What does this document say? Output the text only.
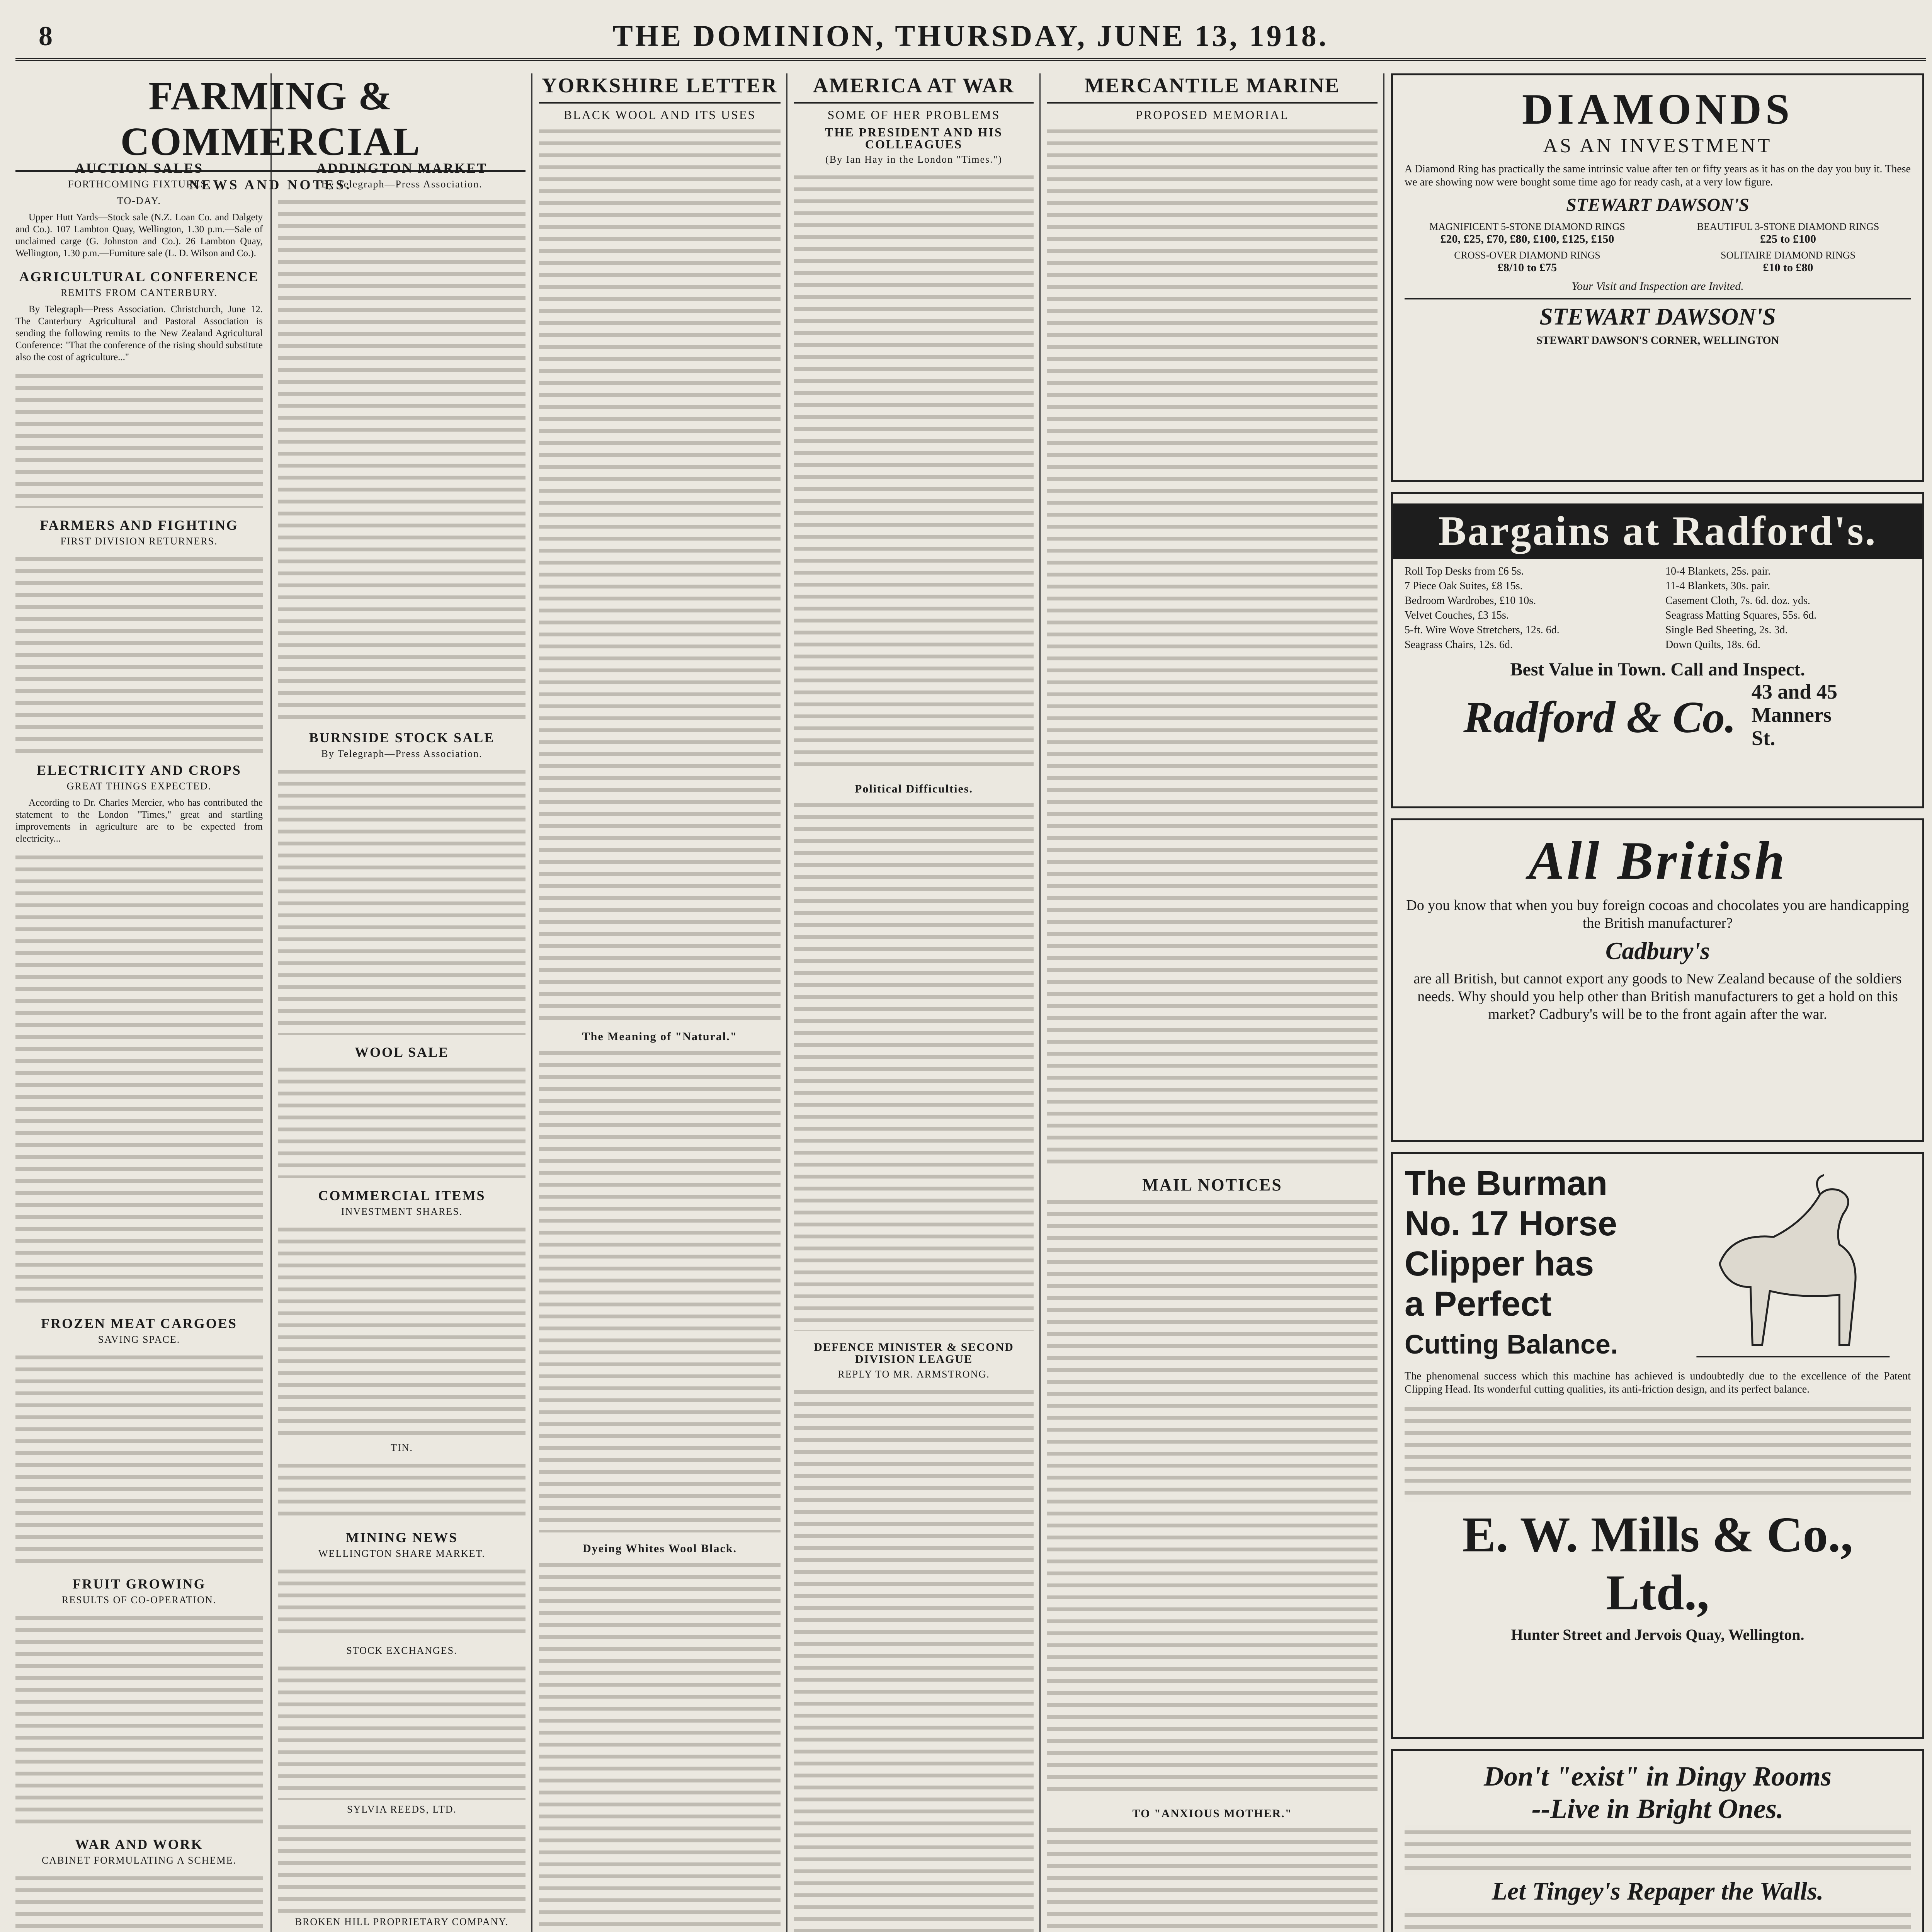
8	THE DOMINION, THURSDAY, JUNE 13, 1918.
FARMING & COMMERCIAL
NEWS AND NOTES.
AUCTION SALES
FORTHCOMING FIXTURES.
TO-DAY.

Upper Hutt Yards—Stock sale (N.Z. Loan Co. and Dalgety and Co.). 107 Lambton Quay, Wellington, 1.30 p.m.—Sale of unclaimed carge (G. Johnston and Co.). 26 Lambton Quay, Wellington, 1.30 p.m.—Furniture sale (L. D. Wilson and Co.).

AGRICULTURAL CONFERENCE
REMITS FROM CANTERBURY.

By Telegraph—Press Association. Christchurch, June 12. The Canterbury Agricultural and Pastoral Association is sending the following remits to the New Zealand Agricultural Conference: "That the conference of the rising should substitute also the cost of agriculture..."

FARMERS AND FIGHTING
FIRST DIVISION RETURNERS.
ELECTRICITY AND CROPS
GREAT THINGS EXPECTED.

According to Dr. Charles Mercier, who has contributed the statement to the London "Times," great and startling improvements in agriculture are to be expected from electricity...

FROZEN MEAT CARGOES
SAVING SPACE.
FRUIT GROWING
RESULTS OF CO-OPERATION.
WAR AND WORK
CABINET FORMULATING A SCHEME.
ADDINGTON MARKET
By Telegraph—Press Association.
BURNSIDE STOCK SALE
By Telegraph—Press Association.
WOOL SALE
COMMERCIAL ITEMS
INVESTMENT SHARES.
TIN.
MINING NEWS
WELLINGTON SHARE MARKET.
STOCK EXCHANGES.
SYLVIA REEDS, LTD.
BROKEN HILL PROPRIETARY COMPANY.
YORKSHIRE LETTER
BLACK WOOL AND ITS USES
The Meaning of "Natural."
Dyeing Whites Wool Black.
AMERICA AT WAR
SOME OF HER PROBLEMS
THE PRESIDENT AND HIS COLLEAGUES
(By Ian Hay in the London "Times.")
Political Difficulties.
DEFENCE MINISTER & SECOND DIVISION LEAGUE
REPLY TO MR. ARMSTRONG.
MERCANTILE MARINE
PROPOSED MEMORIAL
MAIL NOTICES
TO "ANXIOUS MOTHER."
DIAMONDS
AS AN INVESTMENT
A Diamond Ring has practically the same intrinsic value after ten or fifty years as it has on the day you buy it. These we are showing now were bought some time ago for ready cash, at a very low figure.
STEWART DAWSON'S
MAGNIFICENT 5-STONE DIAMOND RINGS
£20, £25, £70, £80, £100, £125, £150
BEAUTIFUL 3-STONE DIAMOND RINGS
£25 to £100
CROSS-OVER DIAMOND RINGS
£8/10 to £75
SOLITAIRE DIAMOND RINGS
£10 to £80
Your Visit and Inspection are Invited.
STEWART DAWSON'S
STEWART DAWSON'S CORNER, WELLINGTON
Bargains at Radford's.
Roll Top Desks from £6 5s.	10-4 Blankets, 25s. pair.
7 Piece Oak Suites, £8 15s.	11-4 Blankets, 30s. pair.
Bedroom Wardrobes, £10 10s.	Casement Cloth, 7s. 6d. doz. yds.
Velvet Couches, £3 15s.	Seagrass Matting Squares, 55s. 6d.
5-ft. Wire Wove Stretchers, 12s. 6d.	Single Bed Sheeting, 2s. 3d.
Seagrass Chairs, 12s. 6d.	Down Quilts, 18s. 6d.
Best Value in Town. Call and Inspect.
Radford & Co.
43 and 45 Manners St.
All British
Do you know that when you buy foreign cocoas and chocolates you are handicapping the British manufacturer?
Cadbury's
are all British, but cannot export any goods to New Zealand because of the soldiers needs. Why should you help other than British manufacturers to get a hold on this market? Cadbury's will be to the front again after the war.
The Burman
No. 17 Horse
Clipper has
a Perfect
Cutting Balance.
The phenomenal success which this machine has achieved is undoubtedly due to the excellence of the Patent Clipping Head. Its wonderful cutting qualities, its anti-friction design, and its perfect balance.
E. W. Mills & Co., Ltd.,
Hunter Street and Jervois Quay, Wellington.
Don't "exist" in Dingy Rooms
--Live in Bright Ones.
Let Tingey's Repaper the Walls.
